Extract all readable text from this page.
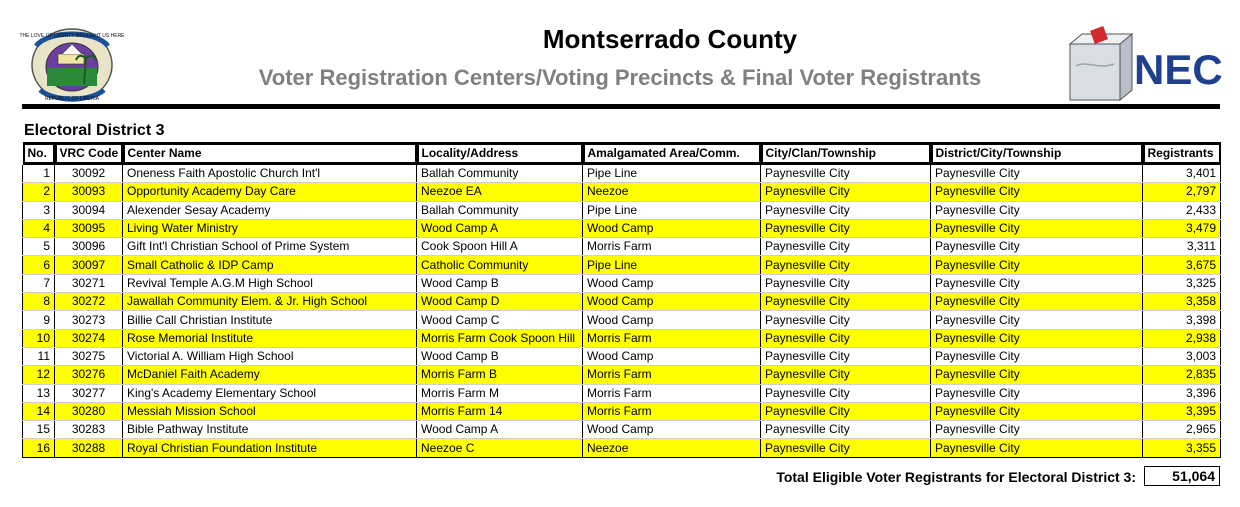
THE LOVE OF LIBERTY BROUGHT US HERE
REPUBLIC OF LIBERIA
Montserrado County
Voter Registration Centers/Voting Precincts & Final Voter Registrants	NEC
Electoral District 3
No.	VRC Code	Center Name	Locality/Address	Amalgamated Area/Comm.	City/Clan/Township	District/City/Township	Registrants

1	30092	Oneness Faith Apostolic Church Int'l	Ballah Community	Pipe Line	Paynesville City	Paynesville City	3,401
2	30093	Opportunity Academy Day Care	Neezoe EA	Neezoe	Paynesville City	Paynesville City	2,797
3	30094	Alexender Sesay Academy	Ballah Community	Pipe Line	Paynesville City	Paynesville City	2,433
4	30095	Living Water Ministry	Wood Camp A	Wood Camp	Paynesville City	Paynesville City	3,479
5	30096	Gift Int'l Christian School of Prime System	Cook Spoon Hill A	Morris Farm	Paynesville City	Paynesville City	3,311
6	30097	Small Catholic & IDP Camp	Catholic Community	Pipe Line	Paynesville City	Paynesville City	3,675
7	30271	Revival Temple A.G.M High School	Wood Camp B	Wood Camp	Paynesville City	Paynesville City	3,325
8	30272	Jawallah Community Elem. & Jr. High School	Wood Camp D	Wood Camp	Paynesville City	Paynesville City	3,358
9	30273	Billie Call Christian Institute	Wood Camp C	Wood Camp	Paynesville City	Paynesville City	3,398
10	30274	Rose Memorial Institute	Morris Farm Cook Spoon Hill	Morris Farm	Paynesville City	Paynesville City	2,938
11	30275	Victorial A. William High School	Wood Camp B	Wood Camp	Paynesville City	Paynesville City	3,003
12	30276	McDaniel Faith Academy	Morris Farm B	Morris Farm	Paynesville City	Paynesville City	2,835
13	30277	King's Academy Elementary School	Morris Farm M	Morris Farm	Paynesville City	Paynesville City	3,396
14	30280	Messiah Mission School	Morris Farm 14	Morris Farm	Paynesville City	Paynesville City	3,395
15	30283	Bible Pathway Institute	Wood Camp A	Wood Camp	Paynesville City	Paynesville City	2,965
16	30288	Royal Christian Foundation Institute	Neezoe C	Neezoe	Paynesville City	Paynesville City	3,355
Total Eligible Voter Registrants for Electoral District 3:	51,064
